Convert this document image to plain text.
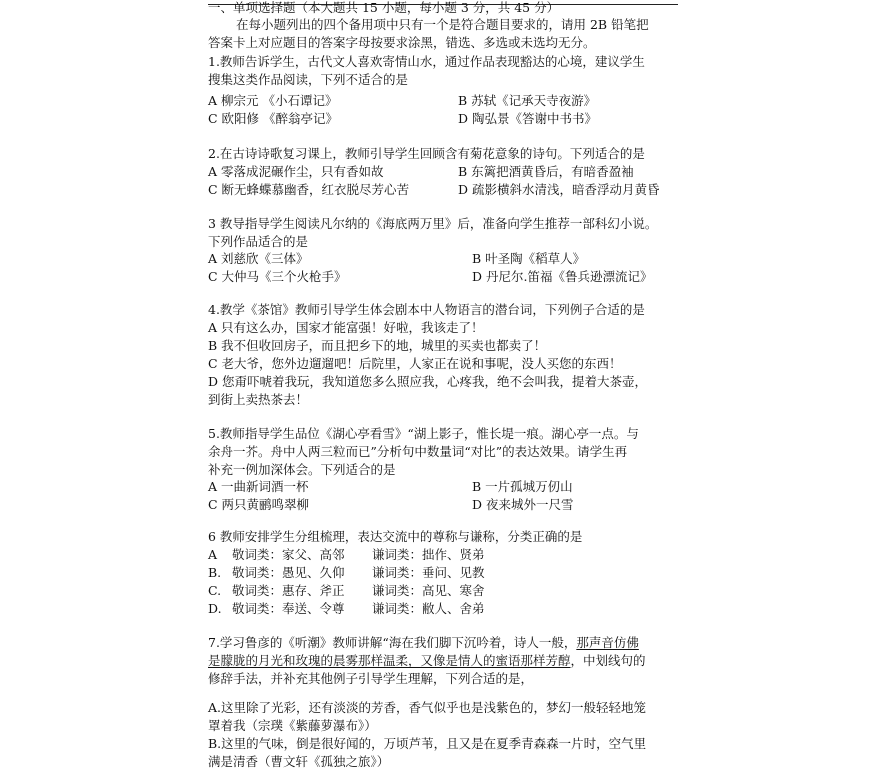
一、单项选择题（本大题共 15 小题，每小题 3 分，共 45 分）
在每小题列出的四个备用项中只有一个是符合题目要求的，请用 2B 铅笔把
答案卡上对应题目的答案字母按要求涂黑，错选、多选或未选均无分。
1.教师告诉学生，古代文人喜欢寄情山水，通过作品表现豁达的心境，建议学生
搜集这类作品阅读，下列不适合的是
A 柳宗元 《小石谭记》	B 苏轼《记承天寺夜游》
C 欧阳修 《醉翁亭记》	D 陶弘景《答谢中书书》
2.在古诗诗歌复习课上，教师引导学生回顾含有菊花意象的诗句。下列适合的是
A 零落成泥碾作尘，只有香如故	B 东篱把酒黄昏后，有暗香盈袖
C 断无蜂蝶慕幽香，红衣脱尽芳心苦	D 疏影横斜水清浅，暗香浮动月黄昏
3 教导指导学生阅读凡尔纳的《海底两万里》后，准备向学生推荐一部科幻小说。
下列作品适合的是
A 刘慈欣《三体》	B 叶圣陶《稻草人》
C 大仲马《三个火枪手》	D 丹尼尔.笛福《鲁兵逊漂流记》
4.教学《茶馆》教师引导学生体会剧本中人物语言的潜台词，下列例子合适的是
A 只有这么办，国家才能富强！好啦，我该走了！
B 我不但收回房子，而且把乡下的地，城里的买卖也都卖了！
C 老大爷，您外边遛遛吧！后院里，人家正在说和事呢，没人买您的东西！
D 您甭吓唬着我玩，我知道您多么照应我，心疼我，绝不会叫我，提着大茶壶，
到街上卖热茶去！
5.教师指导学生品位《湖心亭看雪》“湖上影子，惟长堤一痕。湖心亭一点。与
余舟一芥。舟中人两三粒而已”分析句中数量词“对比”的表达效果。请学生再
补充一例加深体会。下列适合的是
A 一曲新词酒一杯	B 一片孤城万仞山
C 两只黄鹂鸣翠柳	D 夜来城外一尺雪
6 教师安排学生分组梳理，表达交流中的尊称与谦称，分类正确的是
A 敬词类：家父、高邻 谦词类：拙作、贤弟
B. 敬词类：愚见、久仰 谦词类：垂问、见教
C. 敬词类：惠存、斧正 谦词类：高见、寒舍
D. 敬词类：奉送、令尊 谦词类：敝人、舍弟
7.学习鲁彦的《听潮》教师讲解“海在我们脚下沉吟着，诗人一般，那声音仿佛
是朦胧的月光和玫瑰的晨雾那样温柔，又像是情人的蜜语那样芳醇，中划线句的
修辞手法，并补充其他例子引导学生理解，下列合适的是，
A.这里除了光彩，还有淡淡的芳香，香气似乎也是浅紫色的，梦幻一般轻轻地笼
罩着我（宗璞《紫藤萝瀑布》）
B.这里的气味，倒是很好闻的，万顷芦苇，且又是在夏季青森森一片时，空气里
满是清香（曹文轩《孤独之旅》）
